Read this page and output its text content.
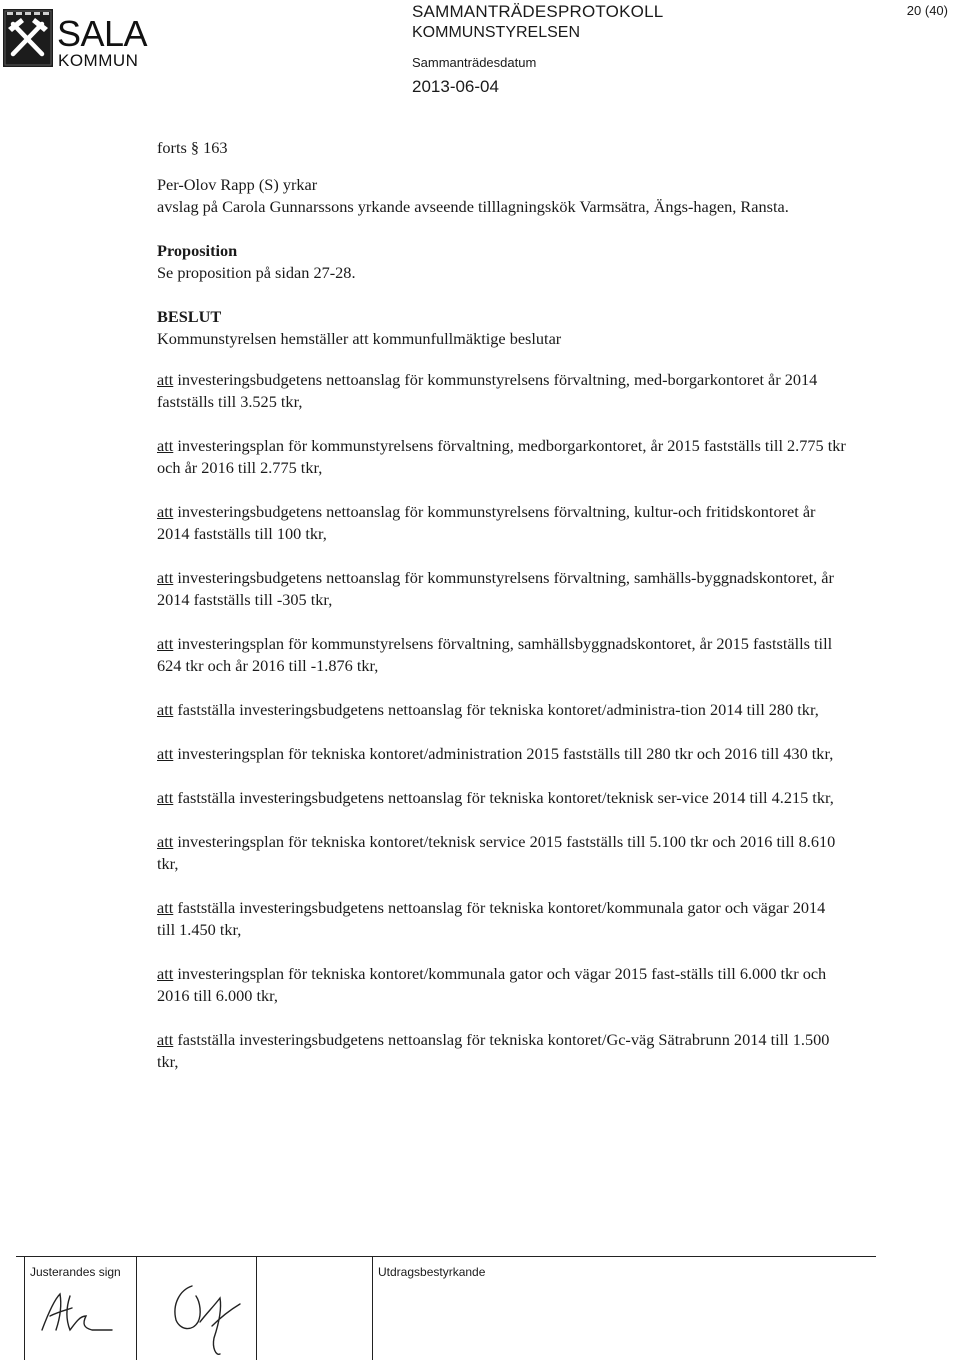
SALA
KOMMUN
SAMMANTRÄDESPROTOKOLL
KOMMUNSTYRELSEN
Sammanträdesdatum
2013-06-04
20 (40)

forts § 163

Per-Olov Rapp (S) yrkar

avslag på Carola Gunnarssons yrkande avseende tilllagningskök Varmsätra, Ängs-hagen, Ransta.

Proposition

Se proposition på sidan 27-28.

BESLUT

Kommunstyrelsen hemställer att kommunfullmäktige beslutar

att investeringsbudgetens nettoanslag för kommunstyrelsens förvaltning, med-borgarkontoret år 2014 fastställs till 3.525 tkr,

att investeringsplan för kommunstyrelsens förvaltning, medborgarkontoret, år 2015 fastställs till 2.775 tkr och år 2016 till 2.775 tkr,

att investeringsbudgetens nettoanslag för kommunstyrelsens förvaltning, kultur-och fritidskontoret år 2014 fastställs till 100 tkr,

att investeringsbudgetens nettoanslag för kommunstyrelsens förvaltning, samhälls-byggnadskontoret, år 2014 fastställs till -305 tkr,

att investeringsplan för kommunstyrelsens förvaltning, samhällsbyggnadskontoret, år 2015 fastställs till 624 tkr och år 2016 till -1.876 tkr,

att fastställa investeringsbudgetens nettoanslag för tekniska kontoret/administra-tion 2014 till 280 tkr,

att investeringsplan för tekniska kontoret/administration 2015 fastställs till 280 tkr och 2016 till 430 tkr,

att fastställa investeringsbudgetens nettoanslag för tekniska kontoret/teknisk ser-vice 2014 till 4.215 tkr,

att investeringsplan för tekniska kontoret/teknisk service 2015 fastställs till 5.100 tkr och 2016 till 8.610 tkr,

att fastställa investeringsbudgetens nettoanslag för tekniska kontoret/kommunala gator och vägar 2014 till 1.450 tkr,

att investeringsplan för tekniska kontoret/kommunala gator och vägar 2015 fast-ställs till 6.000 tkr och 2016 till 6.000 tkr,

att fastställa investeringsbudgetens nettoanslag för tekniska kontoret/Gc-väg Sätrabrunn 2014 till 1.500 tkr,

Justerandes sign	Utdragsbestyrkande
